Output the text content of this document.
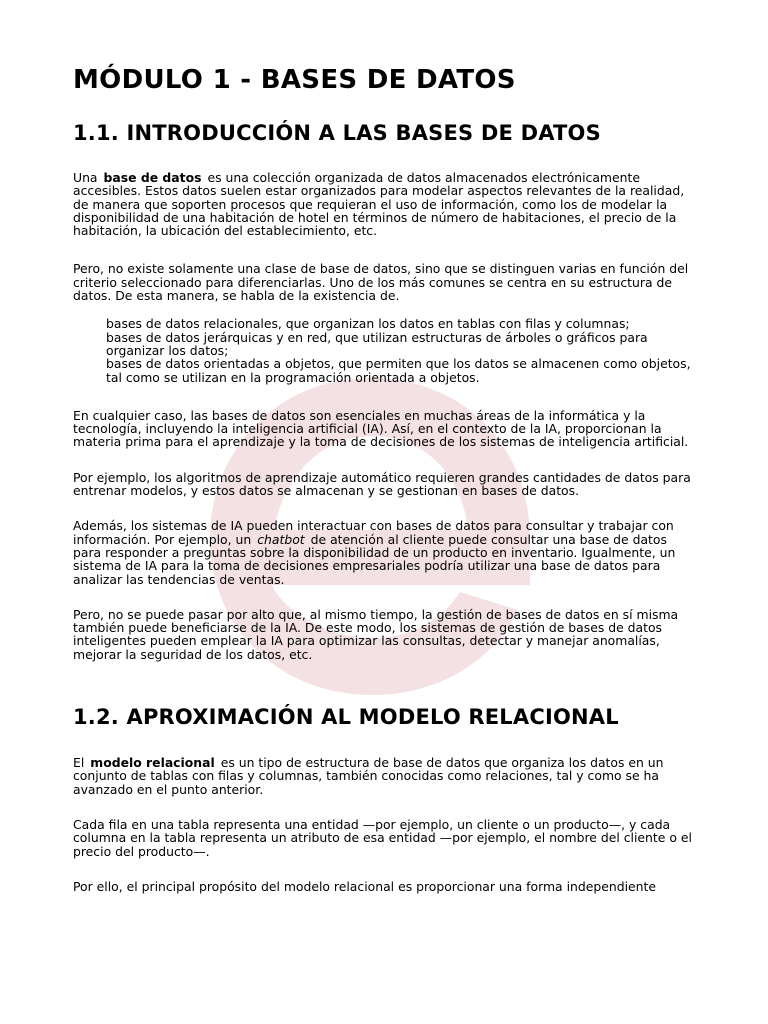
MÓDULO 1 - BASES DE DATOS
1.1. INTRODUCCIÓN A LAS BASES DE DATOS

Una base de datos es una colección organizada de datos almacenados electrónicamente accesibles. Estos datos suelen estar organizados para modelar aspectos relevantes de la realidad, de manera que soporten procesos que requieran el uso de información, como los de modelar la disponibilidad de una habitación de hotel en términos de número de habitaciones, el precio de la habitación, la ubicación del establecimiento, etc.

Pero, no existe solamente una clase de base de datos, sino que se distinguen varias en función del criterio seleccionado para diferenciarlas. Uno de los más comunes se centra en su estructura de datos. De esta manera, se habla de la existencia de.

bases de datos relacionales, que organizan los datos en tablas con filas y columnas;
bases de datos jerárquicas y en red, que utilizan estructuras de árboles o gráficos para organizar los datos;
bases de datos orientadas a objetos, que permiten que los datos se almacenen como objetos, tal como se utilizan en la programación orientada a objetos.

En cualquier caso, las bases de datos son esenciales en muchas áreas de la informática y la tecnología, incluyendo la inteligencia artificial (IA). Así, en el contexto de la IA, proporcionan la materia prima para el aprendizaje y la toma de decisiones de los sistemas de inteligencia artificial.

Por ejemplo, los algoritmos de aprendizaje automático requieren grandes cantidades de datos para entrenar modelos, y estos datos se almacenan y se gestionan en bases de datos.

Además, los sistemas de IA pueden interactuar con bases de datos para consultar y trabajar con información. Por ejemplo, un chatbot de atención al cliente puede consultar una base de datos para responder a preguntas sobre la disponibilidad de un producto en inventario. Igualmente, un sistema de IA para la toma de decisiones empresariales podría utilizar una base de datos para analizar las tendencias de ventas.

Pero, no se puede pasar por alto que, al mismo tiempo, la gestión de bases de datos en sí misma también puede beneficiarse de la IA. De este modo, los sistemas de gestión de bases de datos inteligentes pueden emplear la IA para optimizar las consultas, detectar y manejar anomalías, mejorar la seguridad de los datos, etc.

1.2. APROXIMACIÓN AL MODELO RELACIONAL

El modelo relacional es un tipo de estructura de base de datos que organiza los datos en un conjunto de tablas con filas y columnas, también conocidas como relaciones, tal y como se ha avanzado en el punto anterior.

Cada fila en una tabla representa una entidad —por ejemplo, un cliente o un producto—, y cada columna en la tabla representa un atributo de esa entidad —por ejemplo, el nombre del cliente o el precio del producto—.

Por ello, el principal propósito del modelo relacional es proporcionar una forma independiente
